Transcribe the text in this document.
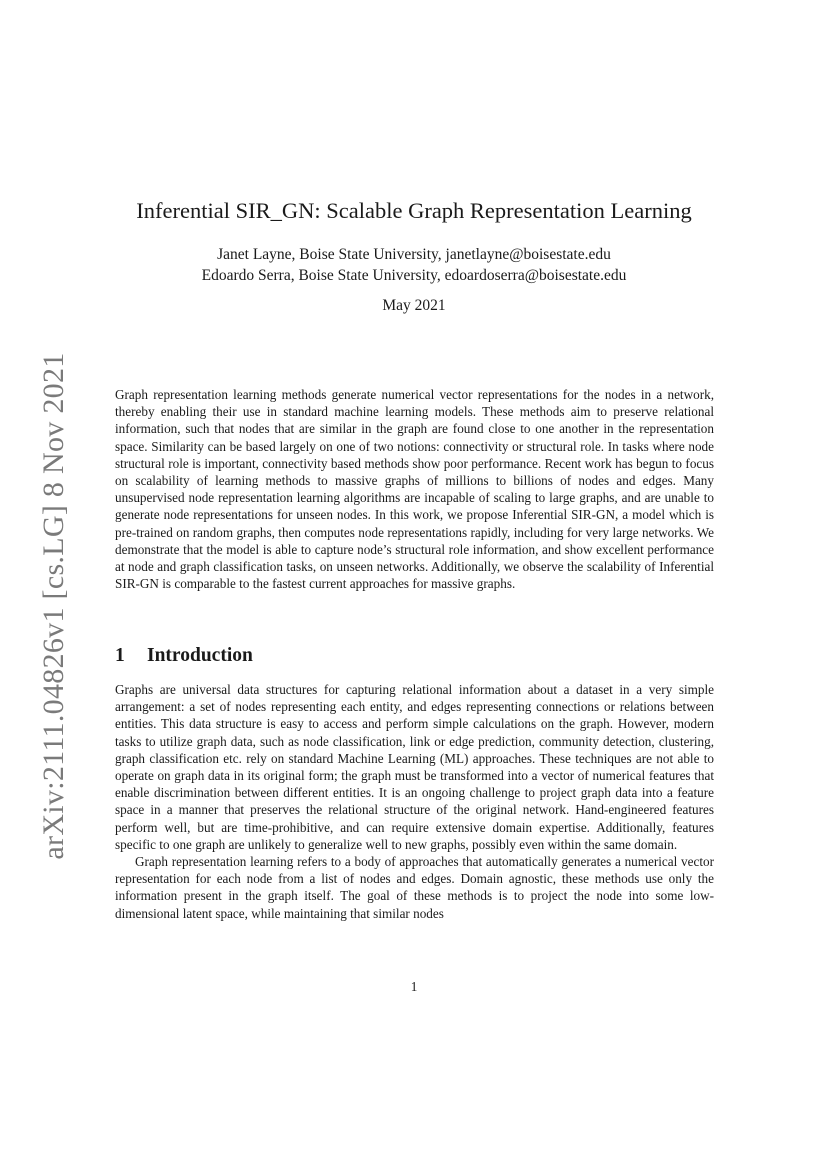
arXiv:2111.04826v1 [cs.LG] 8 Nov 2021
Inferential SIR_GN: Scalable Graph Representation Learning
Janet Layne, Boise State University, janetlayne@boisestate.edu
Edoardo Serra, Boise State University, edoardoserra@boisestate.edu
May 2021

Graph representation learning methods generate numerical vector representations for the nodes in a network, thereby enabling their use in standard machine learning models. These methods aim to preserve relational information, such that nodes that are similar in the graph are found close to one another in the representation space. Similarity can be based largely on one of two notions: connectivity or structural role. In tasks where node structural role is important, connectivity based methods show poor performance. Recent work has begun to focus on scalability of learning methods to massive graphs of millions to billions of nodes and edges. Many unsupervised node representation learning algorithms are incapable of scaling to large graphs, and are unable to generate node representations for unseen nodes. In this work, we propose Inferential SIR-GN, a model which is pre-trained on random graphs, then computes node representations rapidly, including for very large networks. We demonstrate that the model is able to capture node’s structural role information, and show excellent performance at node and graph classification tasks, on unseen networks. Additionally, we observe the scalability of Inferential SIR-GN is comparable to the fastest current approaches for massive graphs.

1 Introduction

Graphs are universal data structures for capturing relational information about a dataset in a very simple arrangement: a set of nodes representing each entity, and edges representing connections or relations between entities. This data structure is easy to access and perform simple calculations on the graph. However, modern tasks to utilize graph data, such as node classification, link or edge prediction, community detection, clustering, graph classification etc. rely on standard Machine Learning (ML) approaches. These techniques are not able to operate on graph data in its original form; the graph must be transformed into a vector of numerical features that enable discrimination between different entities. It is an ongoing challenge to project graph data into a feature space in a manner that preserves the relational structure of the original network. Hand-engineered features perform well, but are time-prohibitive, and can require extensive domain expertise. Additionally, features specific to one graph are unlikely to generalize well to new graphs, possibly even within the same domain.

Graph representation learning refers to a body of approaches that automatically generates a numerical vector representation for each node from a list of nodes and edges. Domain agnostic, these methods use only the information present in the graph itself. The goal of these methods is to project the node into some low-dimensional latent space, while maintaining that similar nodes

1
